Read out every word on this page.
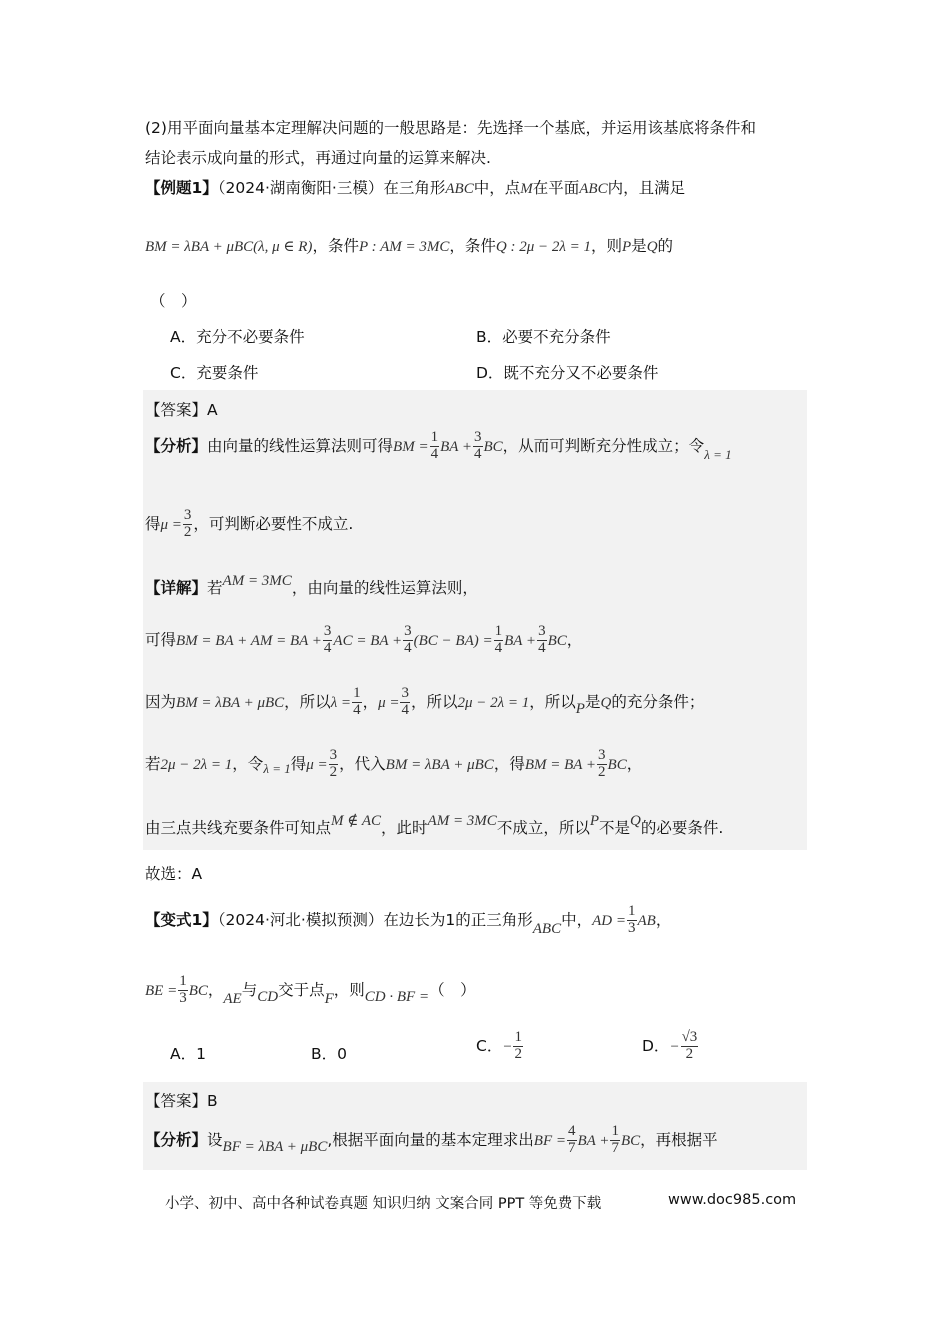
(2)用平面向量基本定理解决问题的一般思路是：先选择一个基底，并运用该基底将条件和
结论表示成向量的形式，再通过向量的运算来解决.
【例题1】（2024·湖南衡阳·三模）在三角形ABC中，点M在平面ABC内，且满足
BM = λBA + μBC(λ, μ ∈ R)，条件P : AM = 3MC，条件Q : 2μ − 2λ = 1，则P是Q的
（　）
A．充分不必要条件	B．必要不充分条件
C．充要条件	D．既不充分又不必要条件
【答案】A
【分析】由向量的线性运算法则可得BM = $\frac{1}{4}$ BA + $\frac{3}{4}$ BC，从而可判断充分性成立；令$_{\lambda = 1}$
得$\mu = \frac{3}{2}$ ，可判断必要性不成立.
【详解】若AM = 3MC，由向量的线性运算法则，
可得BM = BA + AM = BA + $\frac{3}{4}$ AC = BA + $\frac{3}{4} (BC - BA) = \frac{1}{4}$ BA + $\frac{3}{4}$ BC，
因为BM = λBA + μBC，所以$\lambda = \frac{1}{4}$ ，$\mu = \frac{3}{4}$ ，所以2μ − 2λ = 1，所以P是Q的充分条件；
若2μ − 2λ = 1，令$_{\lambda = 1}$得$\mu = \frac{3}{2}$ ，代入BM = λBA + μBC，得BM = BA + $\frac{3}{2}$ BC，
由三点共线充要条件可知点M ∉ AC，此时AM = 3MC不成立，所以P不是Q的必要条件.
故选：A
【变式1】（2024·河北·模拟预测）在边长为1的正三角形ABC中，AD = $\frac{1}{3}$ AB，
BE = $\frac{1}{3}$ BC，AE与CD交于点F，则CD · BF =（　）
A．1	B．0	C．− $\frac{1}{2}$	D．− $\frac{√3}{2}$
【答案】B
【分析】设BF = λBA + μBC,根据平面向量的基本定理求出BF = $\frac{4}{7}$ BA + $\frac{1}{7}$ BC，再根据平
小学、初中、高中各种试卷真题 知识归纳 文案合同 PPT 等免费下载	www.doc985.com
